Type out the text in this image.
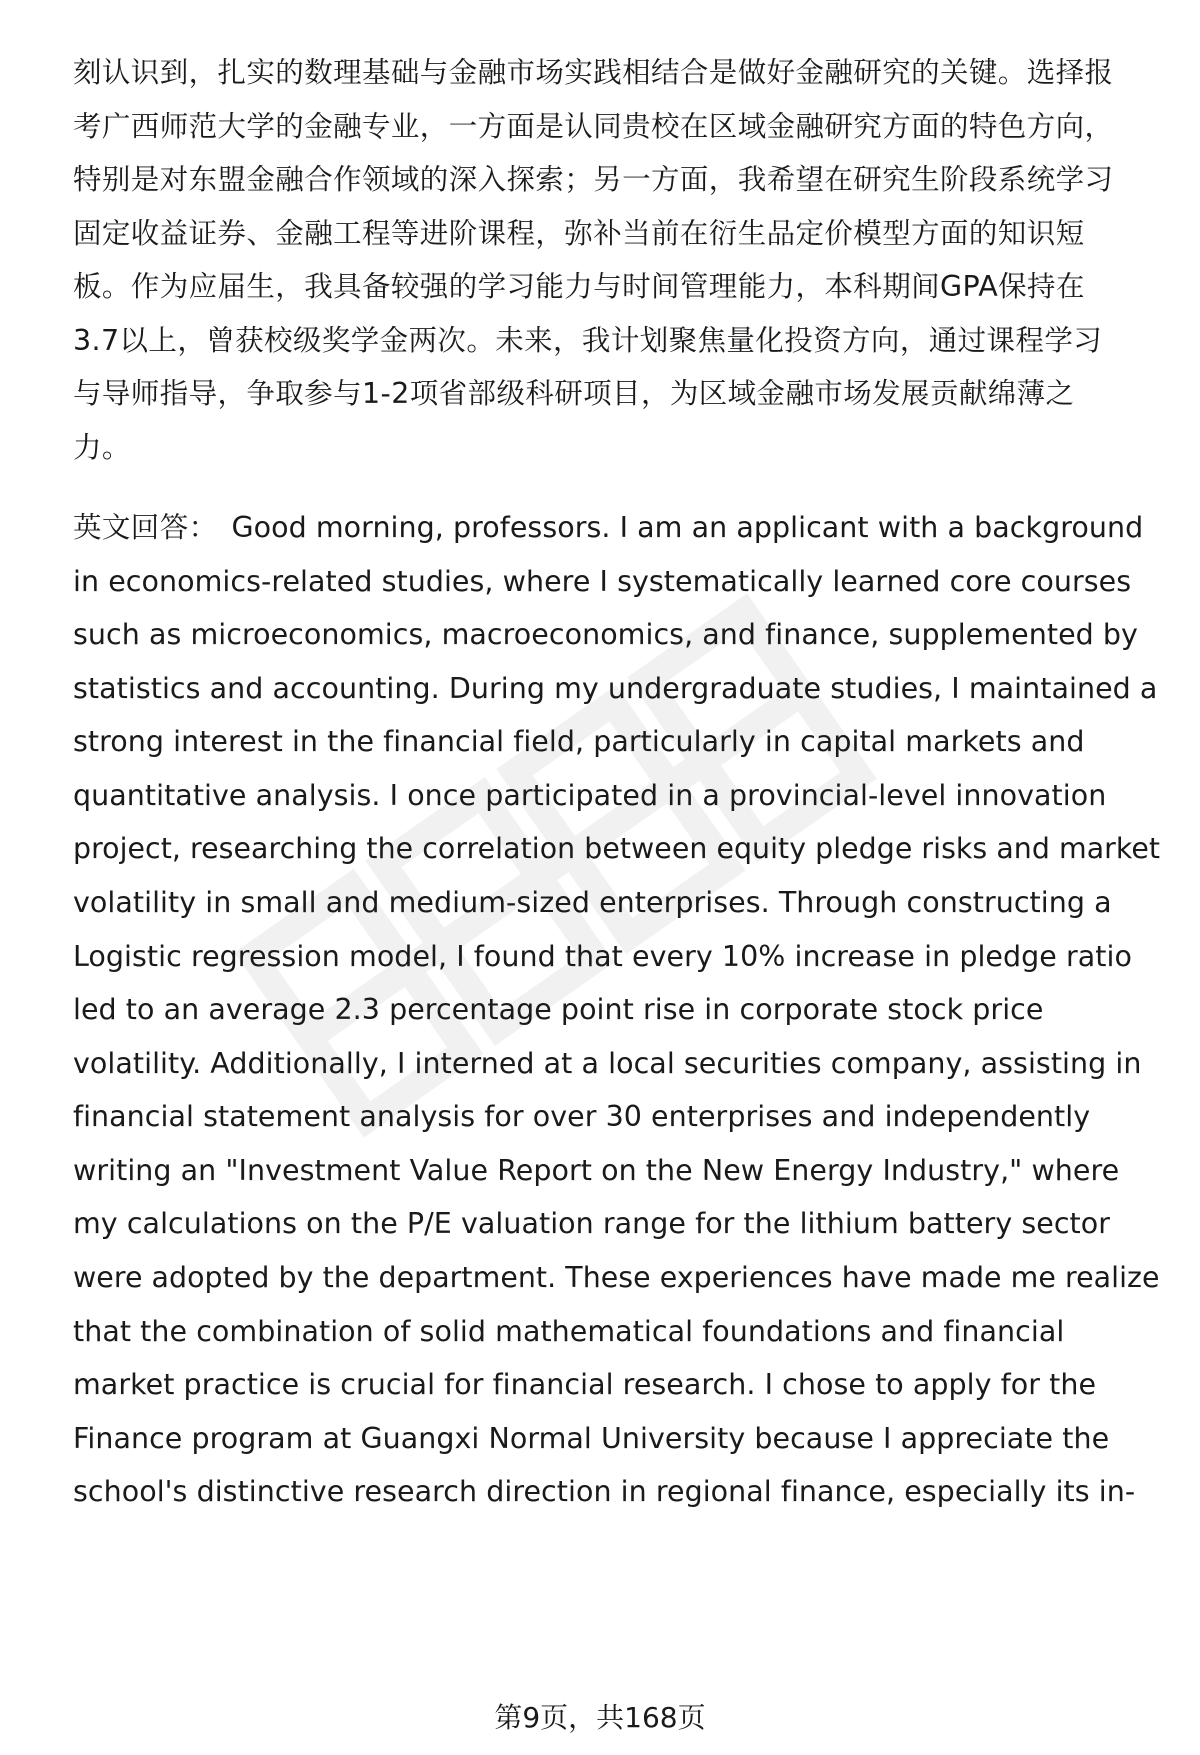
刻认识到，扎实的数理基础与金融市场实践相结合是做好金融研究的关键。选择报
考广西师范大学的金融专业，一方面是认同贵校在区域金融研究方面的特色方向，
特别是对东盟金融合作领域的深入探索；另一方面，我希望在研究生阶段系统学习
固定收益证券、金融工程等进阶课程，弥补当前在衍生品定价模型方面的知识短
板。作为应届生，我具备较强的学习能力与时间管理能力，本科期间GPA保持在
3.7以上，曾获校级奖学金两次。未来，我计划聚焦量化投资方向，通过课程学习
与导师指导，争取参与1-2项省部级科研项目，为区域金融市场发展贡献绵薄之
力。
英文回答： Good morning, professors. I am an applicant with a background
in economics-related studies, where I systematically learned core courses
such as microeconomics, macroeconomics, and finance, supplemented by
statistics and accounting. During my undergraduate studies, I maintained a
strong interest in the financial field, particularly in capital markets and
quantitative analysis. I once participated in a provincial-level innovation
project, researching the correlation between equity pledge risks and market
volatility in small and medium-sized enterprises. Through constructing a
Logistic regression model, I found that every 10% increase in pledge ratio
led to an average 2.3 percentage point rise in corporate stock price
volatility. Additionally, I interned at a local securities company, assisting in
financial statement analysis for over 30 enterprises and independently
writing an "Investment Value Report on the New Energy Industry," where
my calculations on the P/E valuation range for the lithium battery sector
were adopted by the department. These experiences have made me realize
that the combination of solid mathematical foundations and financial
market practice is crucial for financial research. I chose to apply for the
Finance program at Guangxi Normal University because I appreciate the
school's distinctive research direction in regional finance, especially its in-
第9页，共168页
